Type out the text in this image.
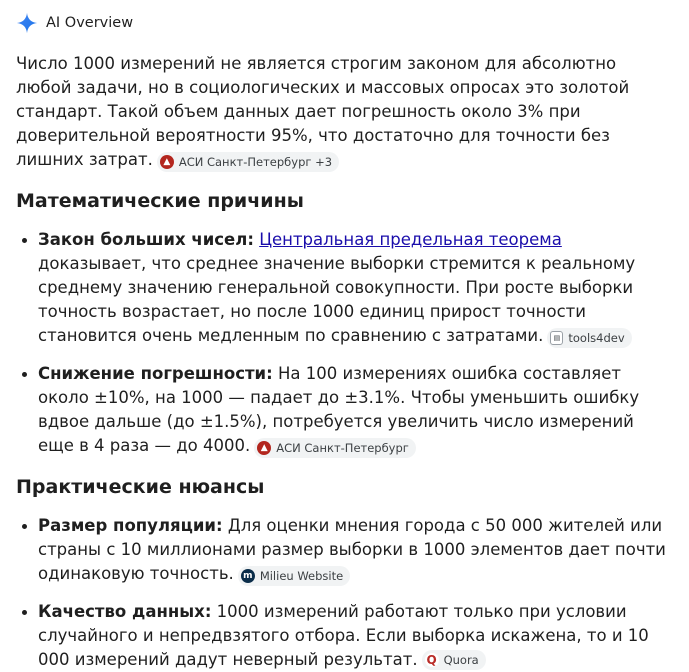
AI Overview

Число 1000 измерений не является строгим законом для абсолютно любой задачи, но в социологических и массовых опросах это золотой стандарт. Такой объем данных дает погрешность около 3% при доверительной вероятности 95%, что достаточно для точности без лишних затрат.	▲ АСИ Санкт-Петербург +3

Математические причины
Закон больших чисел: Центральная предельная теорема доказывает, что среднее значение выборки стремится к реальному среднему значению генеральной совокупности. При росте выборки точность возрастает, но после 1000 единиц прирост точности становится очень медленным по сравнению с затратами.	▤ tools4dev
Снижение погрешности: На 100 измерениях ошибка составляет около ±10%, на 1000 — падает до ±3.1%. Чтобы уменьшить ошибку вдвое дальше (до ±1.5%), потребуется увеличить число измерений еще в 4 раза — до 4000.	▲ АСИ Санкт-Петербург
Практические нюансы
Размер популяции: Для оценки мнения города с 50 000 жителей или страны с 10 миллионами размер выборки в 1000 элементов дает почти одинаковую точность. m Milieu Website
Качество данных: 1000 измерений работают только при условии случайного и непредвзятого отбора. Если выборка искажена, то и 10 000 измерений дадут неверный результат. Q Quora
